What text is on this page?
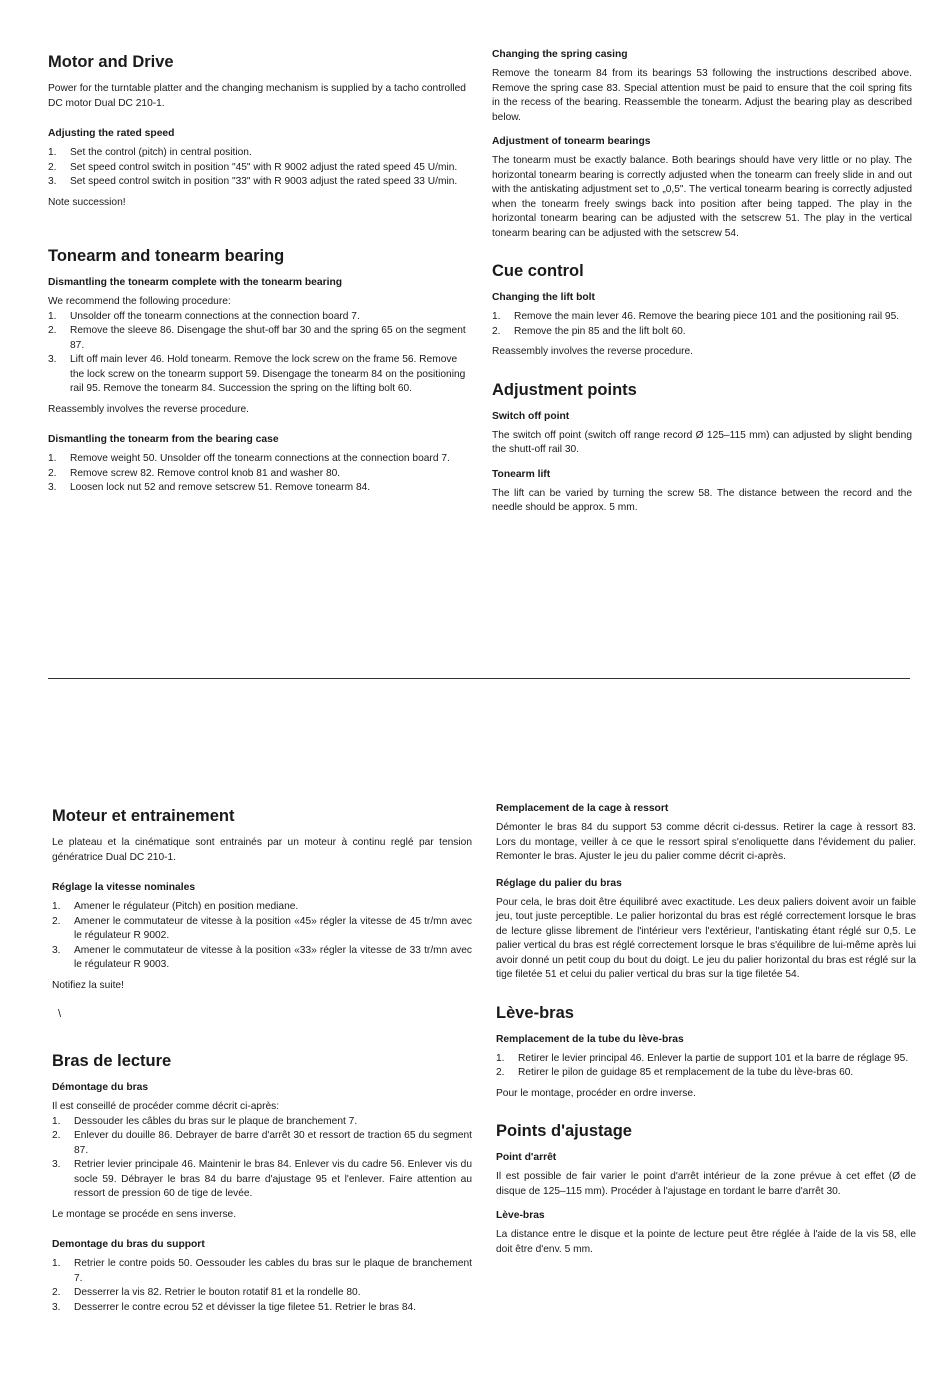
Motor and Drive

Power for the turntable platter and the changing mechanism is supplied by a tacho controlled DC motor Dual DC 210-1.

Adjusting the rated speed
1. Set the control (pitch) in central position.
2. Set speed control switch in position "45" with R 9002 adjust the rated speed 45 U/min.
3. Set speed control switch in position "33" with R 9003 adjust the rated speed 33 U/min.

Note succession!

Tonearm and tonearm bearing
Dismantling the tonearm complete with the tonearm bearing

We recommend the following procedure:

1. Unsolder off the tonearm connections at the connection board 7.
2. Remove the sleeve 86. Disengage the shut-off bar 30 and the spring 65 on the segment 87.
3. Lift off main lever 46. Hold tonearm. Remove the lock screw on the frame 56. Remove the lock screw on the tonearm support 59. Disengage the tonearm 84 on the positioning rail 95. Remove the tonearm 84. Succession the spring on the lifting bolt 60.

Reassembly involves the reverse procedure.

Dismantling the tonearm from the bearing case
1. Remove weight 50. Unsolder off the tonearm connections at the connection board 7.
2. Remove screw 82. Remove control knob 81 and washer 80.
3. Loosen lock nut 52 and remove setscrew 51. Remove tonearm 84.
Changing the spring casing

Remove the tonearm 84 from its bearings 53 following the instructions described above. Remove the spring case 83. Special attention must be paid to ensure that the coil spring fits in the recess of the bearing. Reassemble the tonearm. Adjust the bearing play as described below.

Adjustment of tonearm bearings

The tonearm must be exactly balance. Both bearings should have very little or no play. The horizontal tonearm bearing is correctly adjusted when the tonearm can freely slide in and out with the antiskating adjustment set to „0,5". The vertical tonearm bearing is correctly adjusted when the tonearm freely swings back into position after being tapped. The play in the horizontal tonearm bearing can be adjusted with the setscrew 51. The play in the vertical tonearm bearing can be adjusted with the setscrew 54.

Cue control
Changing the lift bolt
1. Remove the main lever 46. Remove the bearing piece 101 and the positioning rail 95.
2. Remove the pin 85 and the lift bolt 60.

Reassembly involves the reverse procedure.

Adjustment points
Switch off point

The switch off point (switch off range record Ø 125–115 mm) can adjusted by slight bending the shutt-off rail 30.

Tonearm lift

The lift can be varied by turning the screw 58. The distance between the record and the needle should be approx. 5 mm.

Moteur et entrainement

Le plateau et la cinématique sont entrainés par un moteur à continu reglé par tension génératrice Dual DC 210-1.

Réglage la vitesse nominales
1. Amener le régulateur (Pitch) en position mediane.
2. Amener le commutateur de vitesse à la position «45» régler la vitesse de 45 tr/mn avec le régulateur R 9002.
3. Amener le commutateur de vitesse à la position «33» régler la vitesse de 33 tr/mn avec le régulateur R 9003.

Notifiez la suite!

Bras de lecture
Démontage du bras

Il est conseillé de procéder comme décrit ci-après:

1. Dessouder les câbles du bras sur le plaque de branchement 7.
2. Enlever du douille 86. Debrayer de barre d'arrêt 30 et ressort de traction 65 du segment 87.
3. Retrier levier principale 46. Maintenir le bras 84. Enlever vis du cadre 56. Enlever vis du socle 59. Débrayer le bras 84 du barre d'ajustage 95 et l'enlever. Faire attention au ressort de pression 60 de tige de levée.

Le montage se procéde en sens inverse.

Demontage du bras du support
1. Retrier le contre poids 50. Oessouder les cables du bras sur le plaque de branchement 7.
2. Desserrer la vis 82. Retrier le bouton rotatif 81 et la rondelle 80.
3. Desserrer le contre ecrou 52 et dévisser la tige filetee 51. Retrier le bras 84.
\
Remplacement de la cage à ressort

Démonter le bras 84 du support 53 comme décrit ci-dessus. Retirer la cage à ressort 83. Lors du montage, veiller à ce que le ressort spiral s'enoliquette dans l'évidement du palier. Remonter le bras. Ajuster le jeu du palier comme décrit ci-après.

Réglage du palier du bras

Pour cela, le bras doit être équilibré avec exactitude. Les deux paliers doivent avoir un faible jeu, tout juste perceptible. Le palier horizontal du bras est réglé correctement lorsque le bras de lecture glisse librement de l'intérieur vers l'extérieur, l'antiskating étant réglé sur 0,5. Le palier vertical du bras est réglé correctement lorsque le bras s'équilibre de lui-même après lui avoir donné un petit coup du bout du doigt. Le jeu du palier horizontal du bras est réglé sur la tige filetée 51 et celui du palier vertical du bras sur la tige filetée 54.

Lève-bras
Remplacement de la tube du lève-bras
1. Retirer le levier principal 46. Enlever la partie de support 101 et la barre de réglage 95.
2. Retirer le pilon de guidage 85 et remplacement de la tube du lève-bras 60.

Pour le montage, procéder en ordre inverse.

Points d'ajustage
Point d'arrêt

Il est possible de fair varier le point d'arrêt intérieur de la zone prévue à cet effet (Ø de disque de 125–115 mm). Procéder à l'ajustage en tordant le barre d'arrêt 30.

Lève-bras

La distance entre le disque et la pointe de lecture peut être réglée à l'aide de la vis 58, elle doit être d'env. 5 mm.
